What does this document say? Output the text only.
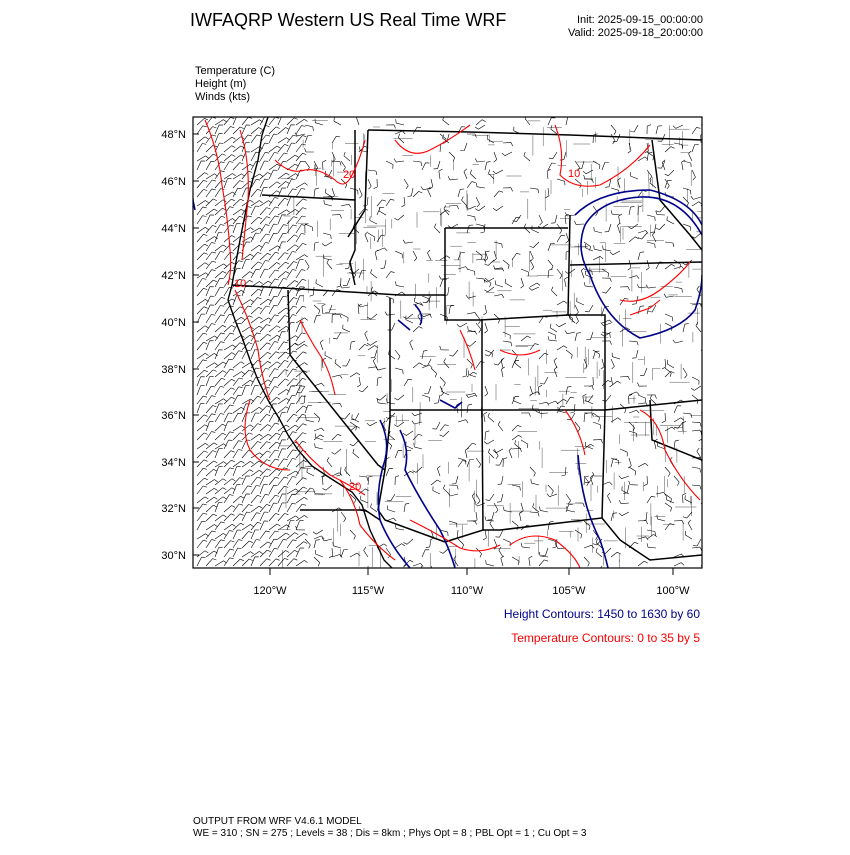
IWFAQRP Western US Real Time WRF	Init: 2025-09-15_00:00:00
Valid: 2025-09-18_20:00:00
Temperature (C)
Height (m)
Winds (kts)
20	10
10
20
48°N
46°N
44°N
42°N
40°N
38°N
36°N
34°N
32°N
30°N
120°W	115°W	110°W	105°W	100°W
Height Contours: 1450 to 1630 by 60
Temperature Contours: 0 to 35 by 5
OUTPUT FROM WRF V4.6.1 MODEL
WE = 310 ; SN = 275 ; Levels = 38 ; Dis = 8km ; Phys Opt = 8 ; PBL Opt = 1 ; Cu Opt = 3
